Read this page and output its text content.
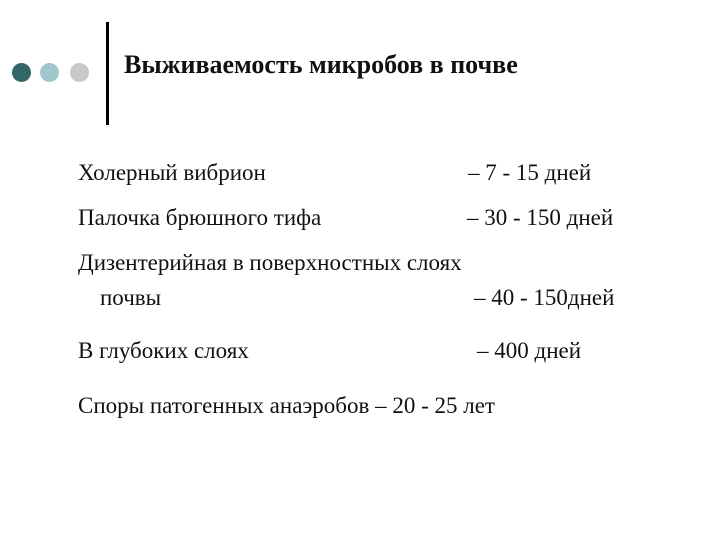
Выживаемость микробов в почве
Холерный вибрион	– 7 - 15 дней
Палочка брюшного тифа	– 30 - 150 дней
Дизентерийная в поверхностных слоях
почвы	– 40 - 150дней
В глубоких слоях	– 400 дней
Споры патогенных анаэробов – 20 - 25 лет
